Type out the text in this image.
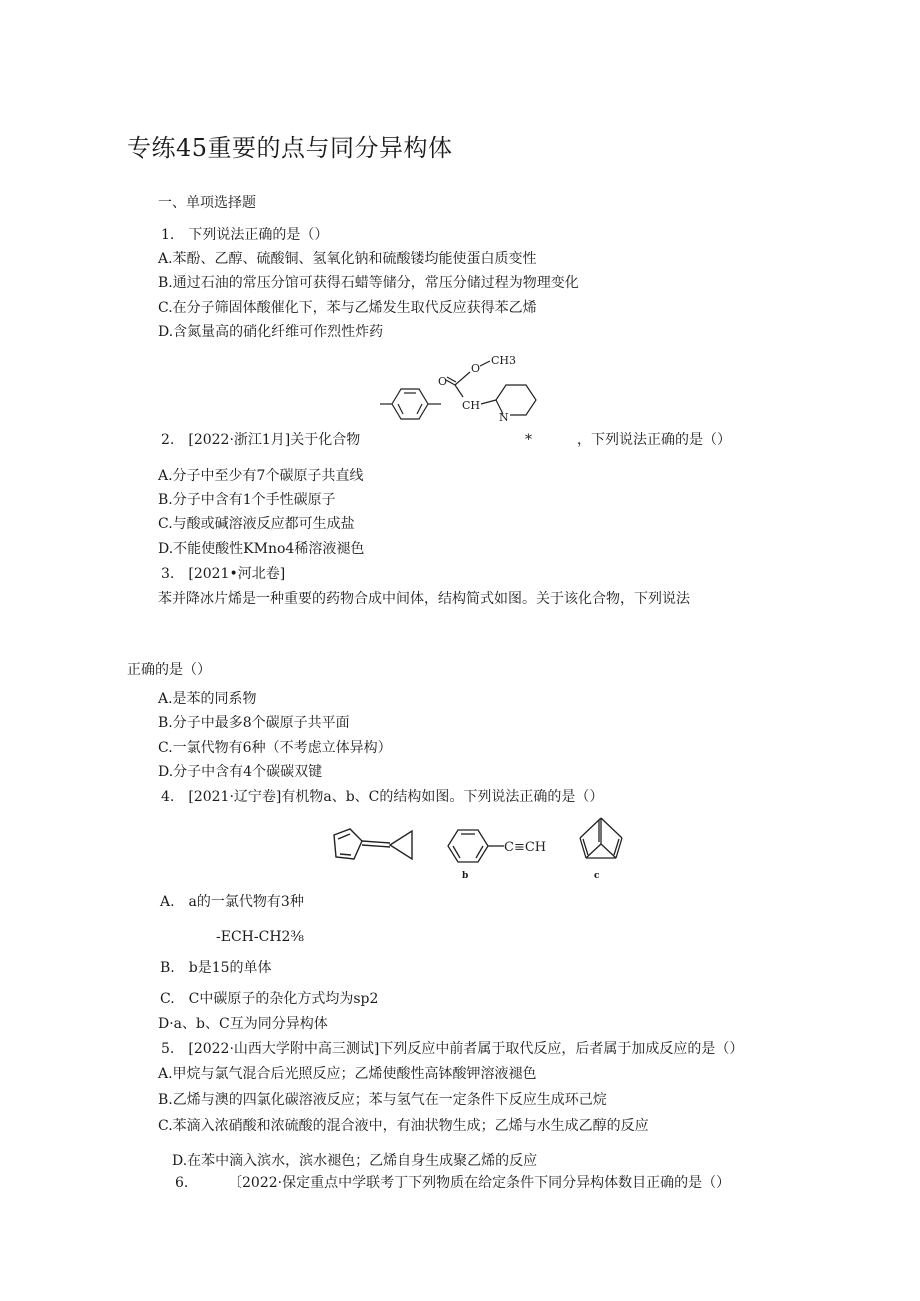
专练45重要的点与同分异构体
一、单项选择题
1.　下列说法正确的是（）
A.苯酚、乙醇、硫酸铜、氢氧化钠和硫酸镂均能使蛋白质变性
B.通过石油的常压分馆可获得石蜡等储分，常压分储过程为物理变化
C.在分子筛固体酸催化下，苯与乙烯发生取代反应获得苯乙烯
D.含氮量高的硝化纤维可作烈性炸药
O
O
CH3
CH
N
2.　[2022·浙江1月]关于化合物	*	，下列说法正确的是（）
A.分子中至少有7个碳原子共直线
B.分子中含有1个手性碳原子
C.与酸或碱溶液反应都可生成盐
D.不能使酸性KMno4稀溶液褪色
3.　[2021•河北卷]
苯并降冰片烯是一种重要的药物合成中间体，结构简式如图。关于该化合物，下列说法
正确的是（）
A.是苯的同系物
B.分子中最多8个碳原子共平面
C.一氯代物有6种（不考虑立体异构）
D.分子中含有4个碳碳双键
4.　[2021·辽宁卷]有机物a、b、C的结构如图。下列说法正确的是（）
C≡CH
b	c
A.　a的一氯代物有3种
-ECH-CH2⅜
B.　b是15的单体
C.　C中碳原子的杂化方式均为sp2
D·a、b、C互为同分异构体
5.　[2022·山西大学附中高三测试]下列反应中前者属于取代反应，后者属于加成反应的是（）
A.甲烷与氯气混合后光照反应；乙烯使酸性高钵酸钾溶液褪色
B.乙烯与澳的四氯化碳溶液反应；苯与氢气在一定条件下反应生成环己烷
C.苯滴入浓硝酸和浓硫酸的混合液中，有油状物生成；乙烯与水生成乙醇的反应
D.在苯中滴入滨水，滨水褪色；乙烯自身生成聚乙烯的反应
6.	〔2022·保定重点中学联考丁下列物质在给定条件下同分异构体数目正确的是（）
